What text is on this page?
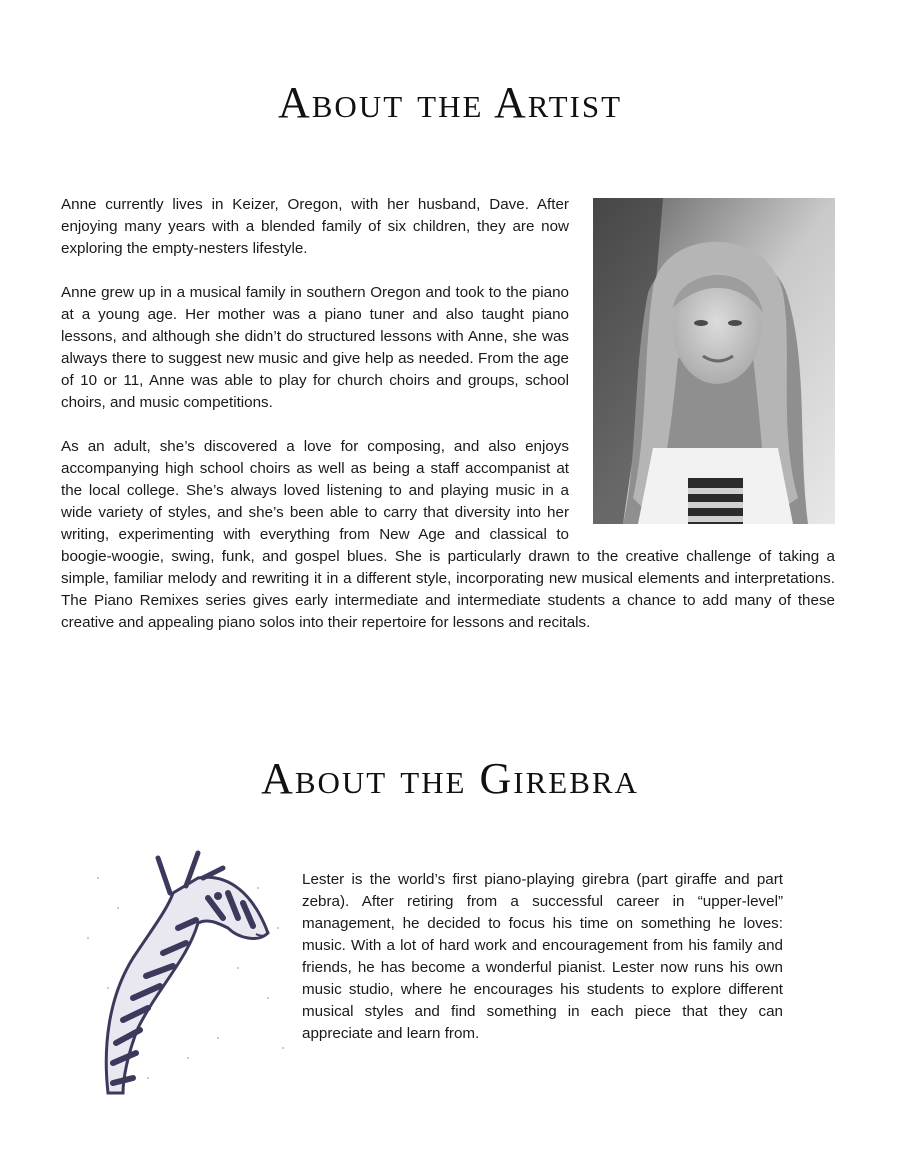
About the Artist

Anne currently lives in Keizer, Oregon, with her husband, Dave. After enjoying many years with a blended family of six children, they are now exploring the empty-nesters lifestyle.

Anne grew up in a musical family in southern Oregon and took to the piano at a young age. Her mother was a piano tuner and also taught piano lessons, and although she didn’t do structured lessons with Anne, she was always there to suggest new music and give help as needed. From the age of 10 or 11, Anne was able to play for church choirs and groups, school choirs, and music competitions.

As an adult, she’s discovered a love for composing, and also enjoys accompanying high school choirs as well as being a staff accompanist at the local college. She’s always loved listening to and playing music in a wide variety of styles, and she’s been able to carry that diversity into her writing, experimenting with everything from New Age and classical to boogie-woogie, swing, funk, and gospel blues. She is particularly drawn to the creative challenge of taking a simple, familiar melody and rewriting it in a different style, incorporating new musical elements and interpretations. The Piano Remixes series gives early intermediate and intermediate students a chance to add many of these creative and appealing piano solos into their repertoire for lessons and recitals.

About the Girebra

Lester is the world’s first piano-playing girebra (part giraffe and part zebra). After retiring from a successful career in “upper-level” management, he decided to focus his time on something he loves: music. With a lot of hard work and encouragement from his family and friends, he has become a wonderful pianist. Lester now runs his own music studio, where he encourages his students to explore different musical styles and find something in each piece that they can appreciate and learn from.
